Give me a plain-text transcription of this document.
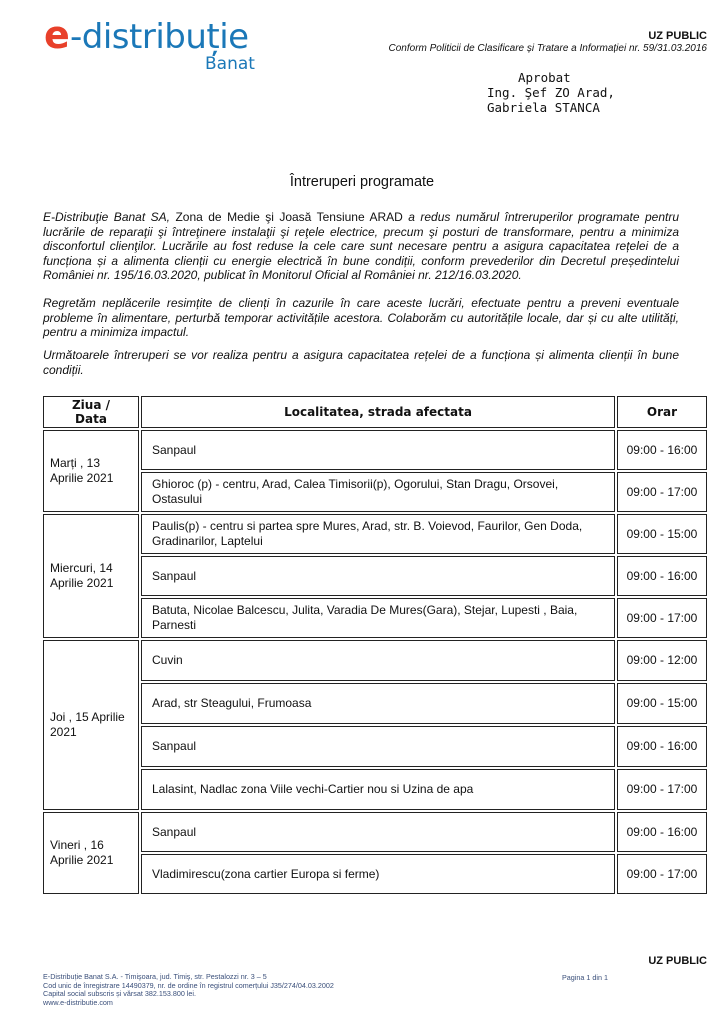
e -distribuție
Banat
UZ PUBLIC
Conform Politicii de Clasificare și Tratare a Informației nr. 59/31.03.2016
Aprobat
Ing. Şef ZO Arad,
Gabriela STANCA
Întreruperi programate
E-Distribuţie Banat SA, Zona de Medie şi Joasă Tensiune ARAD a redus numărul întreruperilor programate pentru lucrările de reparaţii şi întreţinere instalaţii şi reţele electrice, precum şi posturi de transformare, pentru a minimiza disconfortul clienţilor. Lucrările au fost reduse la cele care sunt necesare pentru a asigura capacitatea rețelei de a funcționa și a alimenta clienții cu energie electrică în bune condiții, conform prevederilor din Decretul președintelui României nr. 195/16.03.2020, publicat în Monitorul Oficial al României nr. 212/16.03.2020.
Regretăm neplăcerile resimțite de clienți în cazurile în care aceste lucrări, efectuate pentru a preveni eventuale probleme în alimentare, perturbă temporar activitățile acestora. Colaborăm cu autoritățile locale, dar și cu alte utilități, pentru a minimiza impactul.
Următoarele întreruperi se vor realiza pentru a asigura capacitatea rețelei de a funcționa și alimenta clienții în bune condiții.
Ziua / Data	Localitatea, strada afectata	Orar
Marți , 13 Aprilie 2021	Sanpaul	09:00 - 16:00
	Ghioroc (p) - centru, Arad, Calea Timisorii(p), Ogorului, Stan Dragu, Orsovei, Ostasului	09:00 - 17:00
Miercuri, 14 Aprilie 2021	Paulis(p) - centru si partea spre Mures, Arad, str. B. Voievod, Faurilor, Gen Doda, Gradinarilor, Laptelui	09:00 - 15:00
	Sanpaul	09:00 - 16:00
	Batuta, Nicolae Balcescu, Julita, Varadia De Mures(Gara), Stejar, Lupesti , Baia, Parnesti	09:00 - 17:00
Joi , 15 Aprilie 2021	Cuvin	09:00 - 12:00
	Arad, str Steagului, Frumoasa	09:00 - 15:00
	Sanpaul	09:00 - 16:00
	Lalasint, Nadlac zona Viile vechi-Cartier nou si Uzina de apa	09:00 - 17:00
Vineri , 16 Aprilie 2021	Sanpaul	09:00 - 16:00
	Vladimirescu(zona cartier Europa si ferme)	09:00 - 17:00
UZ PUBLIC
E-Distribuție Banat S.A. - Timişoara, jud. Timiş, str. Pestalozzi nr. 3 – 5
Cod unic de înregistrare 14490379, nr. de ordine în registrul comerțului J35/274/04.03.2002
Capital social subscris și vărsat 382.153.800 lei.
www.e-distributie.com
Pagina 1 din 1
